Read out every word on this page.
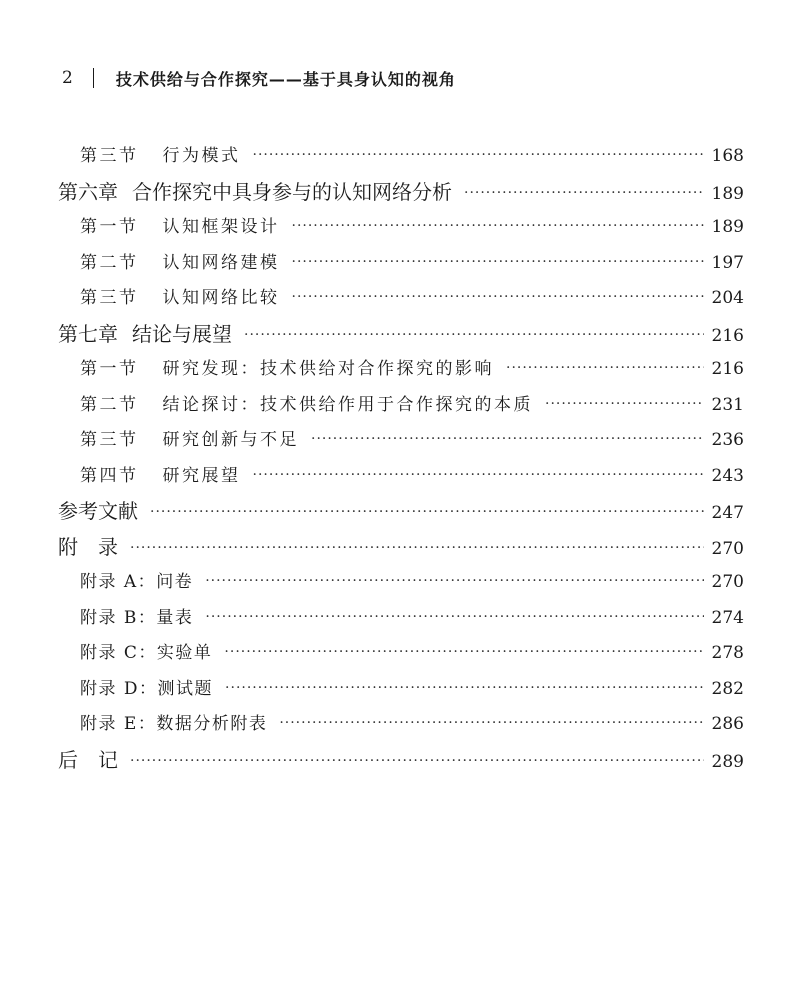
2	技术供给与合作探究——基于具身认知的视角
第三节 行为模式 ·····	168
第六章 合作探究中具身参与的认知网络分析 ·····	189
第一节 认知框架设计 ·····	189
第二节 认知网络建模 ·····	197
第三节 认知网络比较 ·····	204
第七章 结论与展望 ·····	216
第一节 研究发现：技术供给对合作探究的影响 ·····	216
第二节 结论探讨：技术供给作用于合作探究的本质 ·····	231
第三节 研究创新与不足 ·····	236
第四节 研究展望 ·····	243
参考文献 ·····	247
附　录 ·····	270
附录 A： 问卷 ·····	270
附录 B： 量表 ·····	274
附录 C： 实验单 ·····	278
附录 D： 测试题 ·····	282
附录 E： 数据分析附表 ·····	286
后　记 ·····	289
